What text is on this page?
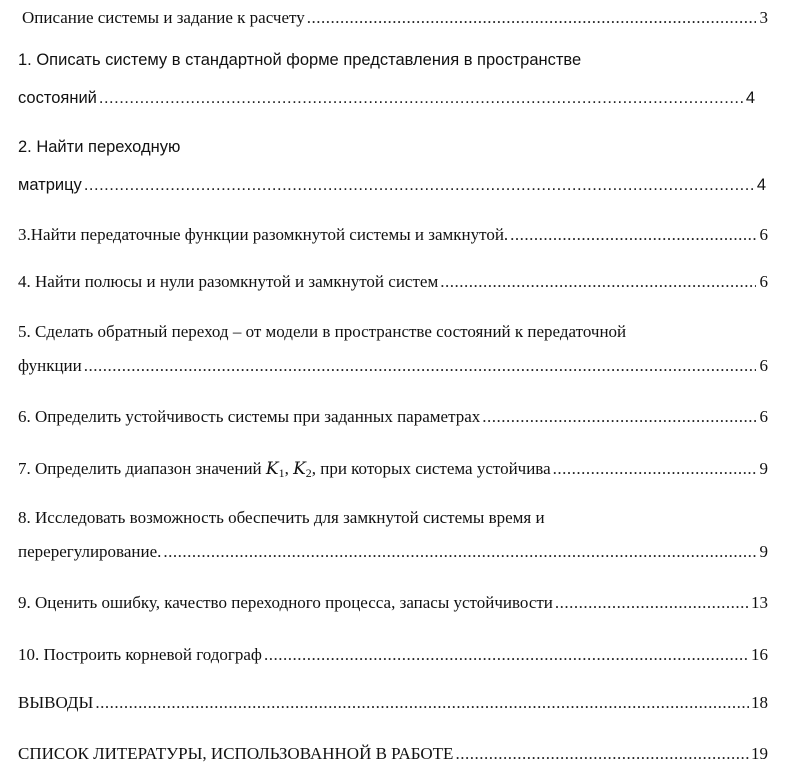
Описание системы и задание к расчету .....	3
1. Описать систему в стандартной форме представления в пространстве
состояний .....	4
2. Найти переходную
матрицу .....	4
3.Найти передаточные функции разомкнутой системы и замкнутой. .....	6
4. Найти полюсы и нули разомкнутой и замкнутой систем .....	6
5. Сделать обратный переход – от модели в пространстве состояний к передаточной
функции .....	6
6. Определить устойчивость системы при заданных параметрах .....	6
7. Определить диапазон значений $K_1$, $K_2$, при которых система устойчива .....	9
8. Исследовать возможность обеспечить для замкнутой системы время и
перерегулирование. .....	9
9. Оценить ошибку, качество переходного процесса, запасы устойчивости .....	13
10. Построить корневой годограф .....	16
ВЫВОДЫ .....	18
СПИСОК ЛИТЕРАТУРЫ, ИСПОЛЬЗОВАННОЙ В РАБОТЕ .....	19
